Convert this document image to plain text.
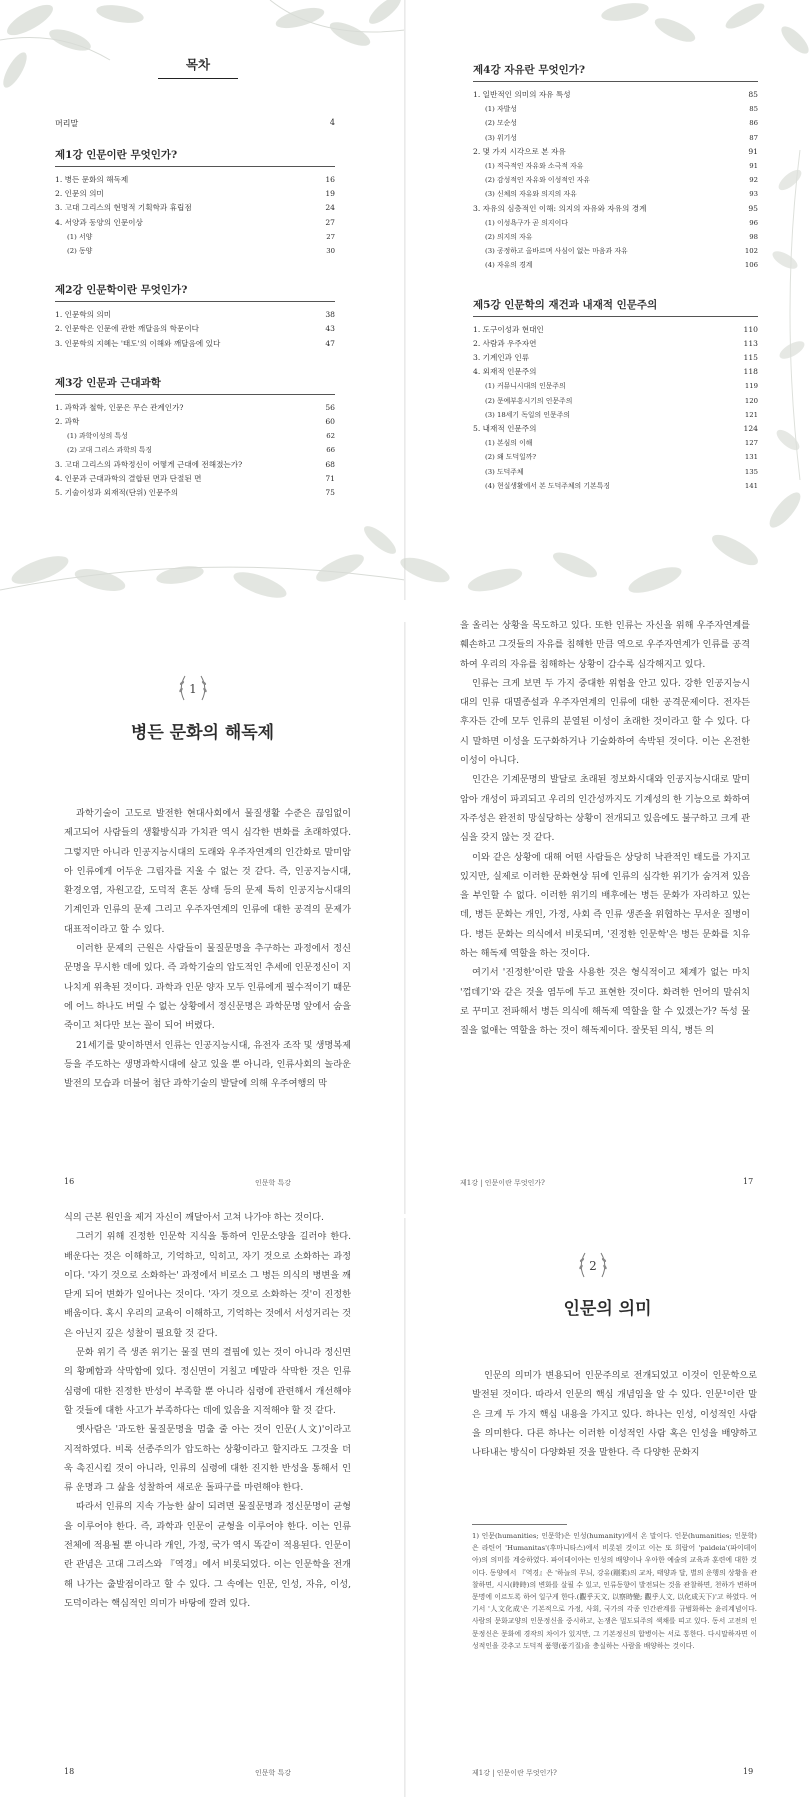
목차
머리말	4
제1강 인문이란 무엇인가?
1. 병든 문화의 해독제	16
2. 인문의 의미	19
3. 고대 그리스의 현명적 기획학과 휴립점	24
4. 서양과 동양의 인문이상	27
(1) 서양	27
(2) 동양	30
제2강 인문학이란 무엇인가?
1. 인문학의 의미	38
2. 인문학은 인문에 관한 깨달음의 학문이다	43
3. 인문학의 지혜는 '태도'의 이해와 깨달음에 있다	47
제3강 인문과 근대과학
1. 과학과 철학, 인문은 무슨 관계인가?	56
2. 과학	60
(1) 과학이성의 특성	62
(2) 고대 그리스 과학의 특징	66
3. 고대 그리스의 과학정신이 어떻게 근대에 전해졌는가?	68
4. 인문과 근대과학의 결합된 면과 단절된 면	71
5. 기술이성과 외재적(단위) 인문주의	75
제4강 자유란 무엇인가?
1. 일반적인 의미의 자유 특성	85
(1) 자발성	85
(2) 모순성	86
(3) 위기성	87
2. 몇 가지 시각으로 본 자유	91
(1) 적극적인 자유와 소극적 자유	91
(2) 감성적인 자유와 이성적인 자유	92
(3) 신체의 자유와 의지의 자유	93
3. 자유의 심층적인 이해: 의지의 자유와 자유의 경계	95
(1) 이성욕구가 곧 의지이다	96
(2) 의지의 자유	98
(3) 공정하고 올바르며 사심이 없는 마음과 자유	102
(4) 자유의 경계	106
제5강 인문학의 재건과 내재적 인문주의
1. 도구이성과 현대인	110
2. 사람과 우주자연	113
3. 기계인과 인류	115
4. 외재적 인문주의	118
(1) 커뮤니시대의 인문주의	119
(2) 문예부흥시기의 인문주의	120
(3) 18세기 독일의 인문주의	121
5. 내재적 인문주의	124
(1) 본심의 이해	127
(2) 왜 도덕일까?	131
(3) 도덕주체	135
(4) 현실생활에서 본 도덕주체의 기본특징	141
1
병든 문화의 해독제

과학기술이 고도로 발전한 현대사회에서 물질생활 수준은 끊임없이 제고되어 사람들의 생활방식과 가치관 역시 심각한 변화를 초래하였다. 그렇지만 아니라 인공지능시대의 도래와 우주자연계의 인간화로 말미암아 인류에게 어두운 그림자를 지울 수 없는 것 같다. 즉, 인공지능시대, 환경오염, 자원고갈, 도덕적 혼돈 상태 등의 문제 특히 인공지능시대의 기계인과 인류의 문제 그리고 우주자연계의 인류에 대한 공격의 문제가 대표적이라고 할 수 있다.

이러한 문제의 근원은 사람들이 물질문명을 추구하는 과정에서 정신문명을 무시한 데에 있다. 즉 과학기술의 압도적인 추세에 인문정신이 지나치게 위축된 것이다. 과학과 인문 양자 모두 인류에게 필수적이기 때문에 어느 하나도 버릴 수 없는 상황에서 정신문명은 과학문명 앞에서 숨을 죽이고 처다만 보는 꼴이 되어 버렸다.

21세기를 맞이하면서 인류는 인공지능시대, 유전자 조작 및 생명복제 등을 주도하는 생명과학시대에 살고 있을 뿐 아니라, 인류사회의 놀라운 발전의 모습과 더불어 첨단 과학기술의 발달에 의해 우주여행의 막

16	인문학 특강

을 올리는 상황을 목도하고 있다. 또한 인류는 자신을 위해 우주자연계를 훼손하고 그것들의 자유를 침해한 만큼 역으로 우주자연계가 인류를 공격하여 우리의 자유를 침해하는 상황이 감수록 심각해지고 있다.

인류는 크게 보면 두 가지 중대한 위험을 안고 있다. 강한 인공지능시대의 인류 대멸종설과 우주자연계의 인류에 대한 공격문제이다. 전자든 후자든 간에 모두 인류의 분열된 이성이 초래한 것이라고 할 수 있다. 다시 말하면 이성을 도구화하거나 기술화하여 속박된 것이다. 이는 온전한 이성이 아니다.

인간은 기계문명의 발달로 초래된 정보화시대와 인공지능시대로 말미암아 개성이 파괴되고 우리의 인간성까지도 기계성의 한 기능으로 화하여 자주성은 완전히 망실당하는 상황이 전개되고 있음에도 불구하고 크게 관심을 갖지 않는 것 같다.

이와 같은 상황에 대해 어떤 사람들은 상당히 낙관적인 태도를 가지고 있지만, 실제로 이러한 문화현상 뒤에 인류의 심각한 위기가 숨겨져 있음을 부인할 수 없다. 이러한 위기의 배후에는 병든 문화가 자리하고 있는데, 병든 문화는 개인, 가정, 사회 즉 인류 생존을 위협하는 무서운 질병이다. 병든 문화는 의식에서 비롯되며, '진정한 인문학'은 병든 문화를 치유하는 해독제 역할을 하는 것이다.

여기서 '진정한'이란 말을 사용한 것은 형식적이고 체계가 없는 마치 '껍데기'와 같은 것을 염두에 두고 표현한 것이다. 화려한 언어의 말쉬치로 꾸미고 전파해서 병든 의식에 해독제 역할을 할 수 있겠는가? 독성 물질을 없애는 역할을 하는 것이 해독제이다. 잘못된 의식, 병든 의

제1강 | 인문이란 무엇인가?	17

식의 근본 원인을 제거 자신이 깨달아서 고쳐 나가야 하는 것이다.

그러기 위해 진정한 인문학 지식을 통하여 인문소양을 길러야 한다. 배운다는 것은 이해하고, 기억하고, 익히고, 자기 것으로 소화하는 과정이다. '자기 것으로 소화하는' 과정에서 비로소 그 병든 의식의 병변을 깨닫게 되어 변화가 일어나는 것이다. '자기 것으로 소화하는 것'이 진정한 배움이다. 혹시 우리의 교육이 이해하고, 기억하는 것에서 서성거리는 것은 아닌지 깊은 성찰이 필요할 것 같다.

문화 위기 즉 생존 위기는 물질 면의 결핍에 있는 것이 아니라 정신면의 황폐함과 삭막함에 있다. 정신면이 거칠고 메말라 삭막한 것은 인류 심령에 대한 진정한 반성이 부족할 뿐 아니라 심령에 관련해서 개선해야 할 것들에 대한 사고가 부족하다는 데에 있음을 지적해야 할 것 같다.

옛사람은 '과도한 물질문명을 멈출 줄 아는 것이 인문(人文)'이라고 지적하였다. 비록 선종주의가 압도하는 상황이라고 할지라도 그것을 더욱 촉진시킬 것이 아니라, 인류의 심령에 대한 진지한 반성을 통해서 인류 운명과 그 삶을 성찰하여 새로운 돌파구를 마련해야 한다.

따라서 인류의 지속 가능한 삶이 되려면 물질문명과 정신문명이 균형을 이루어야 한다. 즉, 과학과 인문이 균형을 이루어야 한다. 이는 인류 전체에 적용될 뿐 아니라 개인, 가정, 국가 역시 똑같이 적용된다. 인문이란 관념은 고대 그리스와 『역경』에서 비롯되었다. 이는 인문학을 전개해 나가는 출발점이라고 할 수 있다. 그 속에는 인문, 인성, 자유, 이성, 도덕이라는 핵심적인 의미가 바탕에 깔려 있다.

18	인문학 특강
2
인문의 의미

인문의 의미가 변용되어 인문주의로 전개되었고 이것이 인문학으로 발전된 것이다. 따라서 인문의 핵심 개념임을 알 수 있다. 인문¹이란 말은 크게 두 가지 핵심 내용을 가지고 있다. 하나는 인성, 이성적인 사람을 의미한다. 다른 하나는 이러한 이성적인 사람 혹은 인성을 배양하고 나타내는 방식이 다양화된 것을 말한다. 즉 다양한 문화지

1) 인문(humanities; 인문학)은 인성(humanity)에서 온 말이다. 인문(humanities; 인문학)은 라틴어 'Humanitas'(후마니타스)에서 비롯된 것이고 이는 또 희랍어 'paideia'(파이데이아)의 의미를 계승하였다. 파이데이아는 인성의 배양이나 우아한 예술의 교육과 훈련에 대한 것이다. 동양에서 『역경』은 '하늘의 무늬, 강유(剛柔)의 교차, 태양과 달, 별의 운행의 상황을 관찰하면, 시시(時時)의 변화를 살필 수 있고, 인류동향이 발전되는 것을 관찰하면, 천하가 변하며 문명에 이르도록 하여 일구게 한다.(觀乎天文, 以察時變; 觀乎人文, 以化成天下)'고 하였다. 여기서 '人文化成'은 기본적으로 가정, 사회, 국가의 각종 인간관계를 규범화하는 윤리계념이다. 사람의 문화교양의 인문정신을 중시하고, 논쟁은 멀도되주의 색채를 띠고 있다. 동서 고전의 인문정신은 문화에 경작의 차이가 있지만, 그 기본정신의 합병이는 서로 통한다. 다시말하자면 이성적인을 갖추고 도덕적 품행(품기질)을 충실하는 사람을 배양하는 것이다.
제1강 | 인문이란 무엇인가?	19
